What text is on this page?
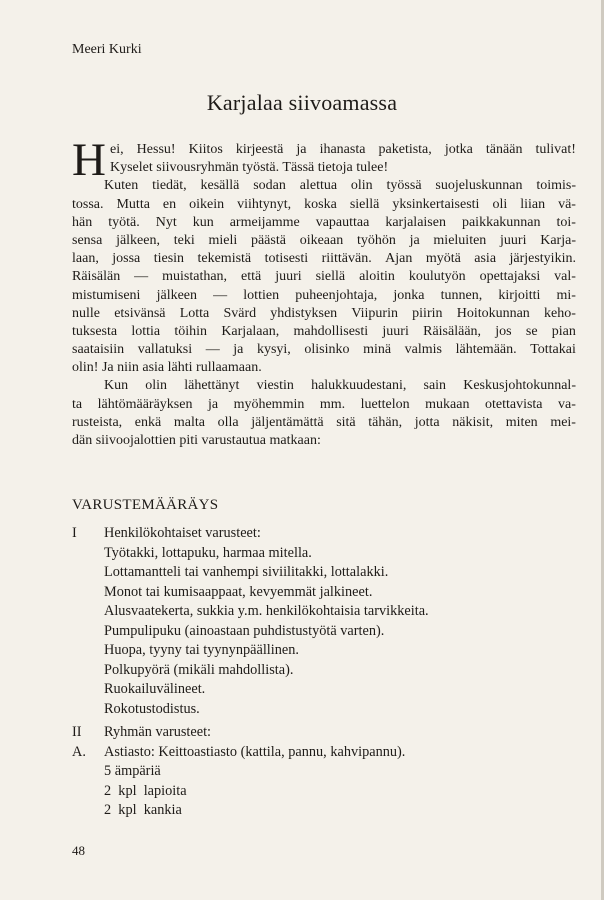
Meeri Kurki
Karjalaa siivoamassa
H ei, Hessu! Kiitos kirjeestä ja ihanasta paketista, jotka tänään tulivat!
Kyselet siivousryhmän työstä. Tässä tietoja tulee!
Kuten tiedät, kesällä sodan alettua olin työssä suojeluskunnan toimis-
tossa. Mutta en oikein viihtynyt, koska siellä yksinkertaisesti oli liian vä-
hän työtä. Nyt kun armeijamme vapauttaa karjalaisen paikkakunnan toi-
sensa jälkeen, teki mieli päästä oikeaan työhön ja mieluiten juuri Karja-
laan, jossa tiesin tekemistä totisesti riittävän. Ajan myötä asia järjestyikin.
Räisälän — muistathan, että juuri siellä aloitin koulutyön opettajaksi val-
mistumiseni jälkeen — lottien puheenjohtaja, jonka tunnen, kirjoitti mi-
nulle etsivänsä Lotta Svärd yhdistyksen Viipurin piirin Hoitokunnan keho-
tuksesta lottia töihin Karjalaan, mahdollisesti juuri Räisälään, jos se pian
saataisiin vallatuksi — ja kysyi, olisinko minä valmis lähtemään. Tottakai
olin! Ja niin asia lähti rullaamaan.
Kun olin lähettänyt viestin halukkuudestani, sain Keskusjohtokunnal-
ta lähtömääräyksen ja myöhemmin mm. luettelon mukaan otettavista va-
rusteista, enkä malta olla jäljentämättä sitä tähän, jotta näkisit, miten mei-
dän siivoojalottien piti varustautua matkaan:
VARUSTEMÄÄRÄYS
I	Henkilökohtaiset varusteet:
Työtakki, lottapuku, harmaa mitella.
Lottamantteli tai vanhempi siviilitakki, lottalakki.
Monot tai kumisaappaat, kevyemmät jalkineet.
Alusvaatekerta, sukkia y.m. henkilökohtaisia tarvikkeita.
Pumpulipuku (ainoastaan puhdistustyötä varten).
Huopa, tyyny tai tyynynpäällinen.
Polkupyörä (mikäli mahdollista).
Ruokailuvälineet.
Rokotustodistus.
II	Ryhmän varusteet:
A.	Astiasto: Keittoastiasto (kattila, pannu, kahvipannu).
5 ämpäriä
2  kpl  lapioita
2  kpl  kankia
48
